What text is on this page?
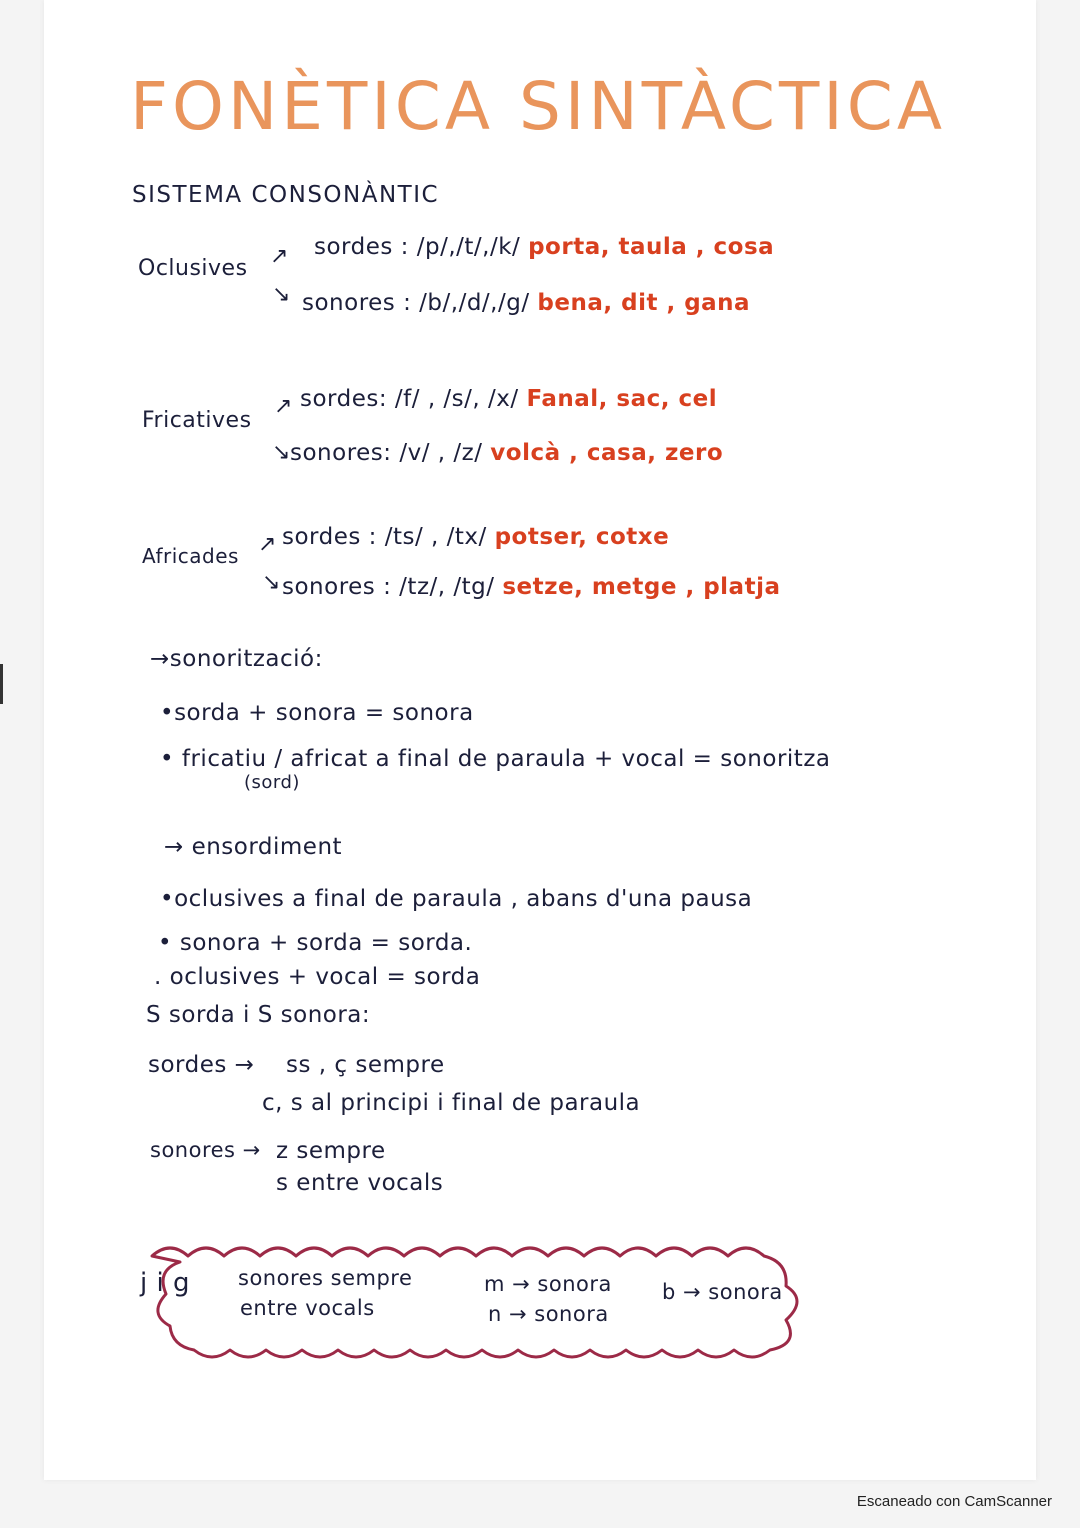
FONÈTICA SINTÀCTICA
SISTEMA CONSONÀNTIC
Oclusives ↗
↘
sordes : /p/,/t/,/k/ porta, taula , cosa
sonores : /b/,/d/,/g/ bena, dit , gana
Fricatives
↗
↘
sordes: /f/ , /s/, /x/ Fanal, sac, cel
sonores: /v/ , /z/ volcà , casa, zero
Africades ↗
↘
sordes : /ts/ , /tx/ potser, cotxe
sonores : /tz/, /tg/ setze, metge , platja
→sonorització:
•sorda + sonora = sonora
• fricatiu / africat a final de paraula + vocal = sonoritza
(sord)
→ ensordiment
•oclusives a final de paraula , abans d'una pausa
• sonora + sorda = sorda.
. oclusives + vocal = sorda
S sorda i S sonora:
sordes → ss , ç sempre
c, s al principi i final de paraula
sonores → z sempre
s entre vocals
j i g sonores sempre
entre vocals
m → sonora
n → sonora
b → sonora
Escaneado con CamScanner
